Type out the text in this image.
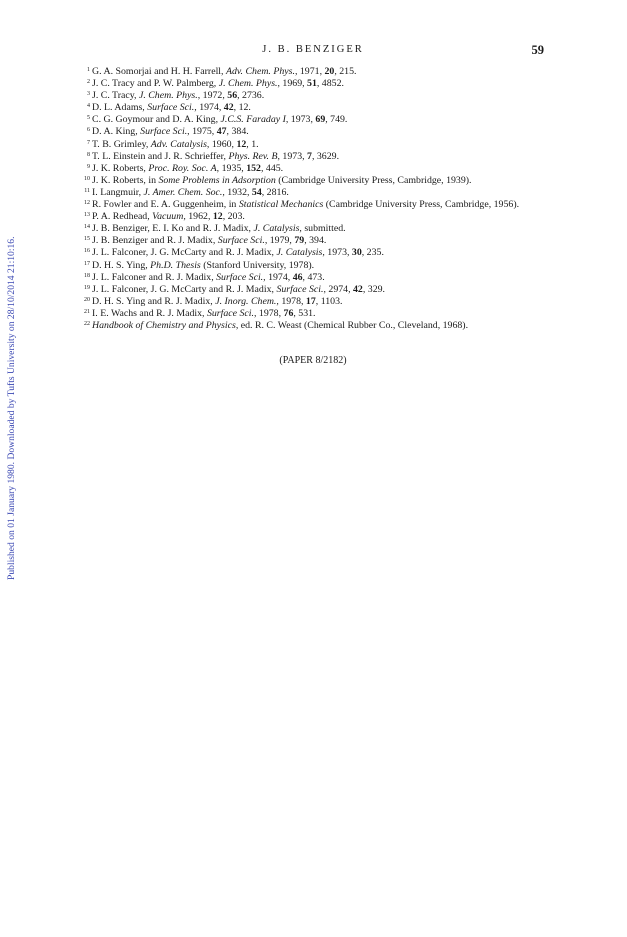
Published on 01 January 1980. Downloaded by Tufts University on 28/10/2014 21:10:16.
J. B. BENZIGER	59
1 G. A. Somorjai and H. H. Farrell, Adv. Chem. Phys., 1971, 20, 215.
2 J. C. Tracy and P. W. Palmberg, J. Chem. Phys., 1969, 51, 4852.
3 J. C. Tracy, J. Chem. Phys., 1972, 56, 2736.
4 D. L. Adams, Surface Sci., 1974, 42, 12.
5 C. G. Goymour and D. A. King, J.C.S. Faraday I, 1973, 69, 749.
6 D. A. King, Surface Sci., 1975, 47, 384.
7 T. B. Grimley, Adv. Catalysis, 1960, 12, 1.
8 T. L. Einstein and J. R. Schrieffer, Phys. Rev. B, 1973, 7, 3629.
9 J. K. Roberts, Proc. Roy. Soc. A, 1935, 152, 445.
10 J. K. Roberts, in Some Problems in Adsorption (Cambridge University Press, Cambridge, 1939).
11 I. Langmuir, J. Amer. Chem. Soc., 1932, 54, 2816.
12 R. Fowler and E. A. Guggenheim, in Statistical Mechanics (Cambridge University Press, Cambridge, 1956).
13 P. A. Redhead, Vacuum, 1962, 12, 203.
14 J. B. Benziger, E. I. Ko and R. J. Madix, J. Catalysis, submitted.
15 J. B. Benziger and R. J. Madix, Surface Sci., 1979, 79, 394.
16 J. L. Falconer, J. G. McCarty and R. J. Madix, J. Catalysis, 1973, 30, 235.
17 D. H. S. Ying, Ph.D. Thesis (Stanford University, 1978).
18 J. L. Falconer and R. J. Madix, Surface Sci., 1974, 46, 473.
19 J. L. Falconer, J. G. McCarty and R. J. Madix, Surface Sci., 2974, 42, 329.
20 D. H. S. Ying and R. J. Madix, J. Inorg. Chem., 1978, 17, 1103.
21 I. E. Wachs and R. J. Madix, Surface Sci., 1978, 76, 531.
22 Handbook of Chemistry and Physics, ed. R. C. Weast (Chemical Rubber Co., Cleveland, 1968).
(PAPER 8/2182)
